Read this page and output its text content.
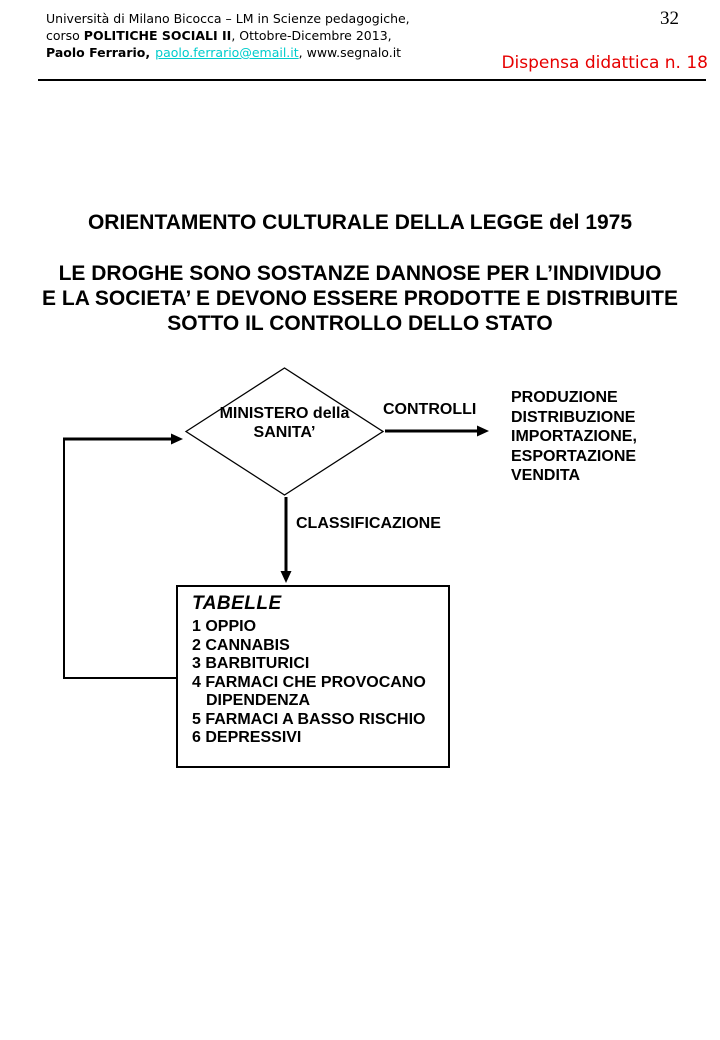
Università di Milano Bicocca – LM in Scienze pedagogiche,
corso POLITICHE SOCIALI II, Ottobre-Dicembre 2013,
Paolo Ferrario, paolo.ferrario@email.it, www.segnalo.it
32
Dispensa didattica n. 18
ORIENTAMENTO CULTURALE DELLA LEGGE del 1975
LE DROGHE SONO SOSTANZE DANNOSE PER L’INDIVIDUO
E LA SOCIETA’ E DEVONO ESSERE PRODOTTE E DISTRIBUITE
SOTTO IL CONTROLLO DELLO STATO
MINISTERO della
SANITA’
CONTROLLI
PRODUZIONE
DISTRIBUZIONE
IMPORTAZIONE,
ESPORTAZIONE
VENDITA
CLASSIFICAZIONE
TABELLE
1 OPPIO
2 CANNABIS
3 BARBITURICI
4 FARMACI CHE PROVOCANO
DIPENDENZA
5 FARMACI A BASSO RISCHIO
6 DEPRESSIVI
